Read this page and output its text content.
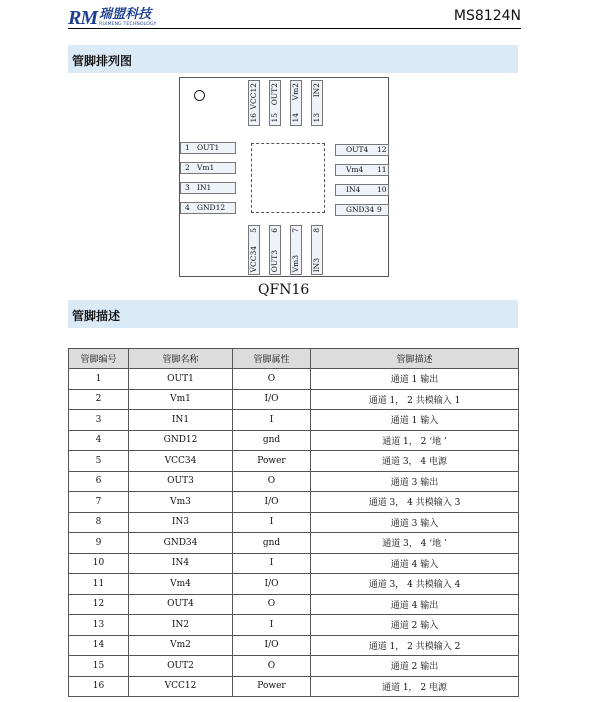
RM 瑞盟科技
RUIMENG TECHNOLOGY
MS8124N
管脚排列图
1 OUT1
2 Vm1
3 IN1
4 GND12
12
OUT4
11
Vm4
10
IN4
9
GND34
16
VCC12
15
OUT2
14
Vm2
13
IN2
5
VCC34
6
OUT3
7
Vm3
8
IN3
QFN16
管脚描述
管脚编号	管脚名称	管脚属性	管脚描述
1	OUT1	O	通道 1 输出
2	Vm1	I/O	通道 1， 2 共模输入 1
3	IN1	I	通道 1 输入
4	GND12	gnd	通道 1， 2 ‘地 ’
5	VCC34	Power	通道 3， 4 电源
6	OUT3	O	通道 3 输出
7	Vm3	I/O	通道 3， 4 共模输入 3
8	IN3	I	通道 3 输入
9	GND34	gnd	通道 3， 4 ‘地 ’
10	IN4	I	通道 4 输入
11	Vm4	I/O	通道 3， 4 共模输入 4
12	OUT4	O	通道 4 输出
13	IN2	I	通道 2 输入
14	Vm2	I/O	通道 1， 2 共模输入 2
15	OUT2	O	通道 2 输出
16	VCC12	Power	通道 1， 2 电源
